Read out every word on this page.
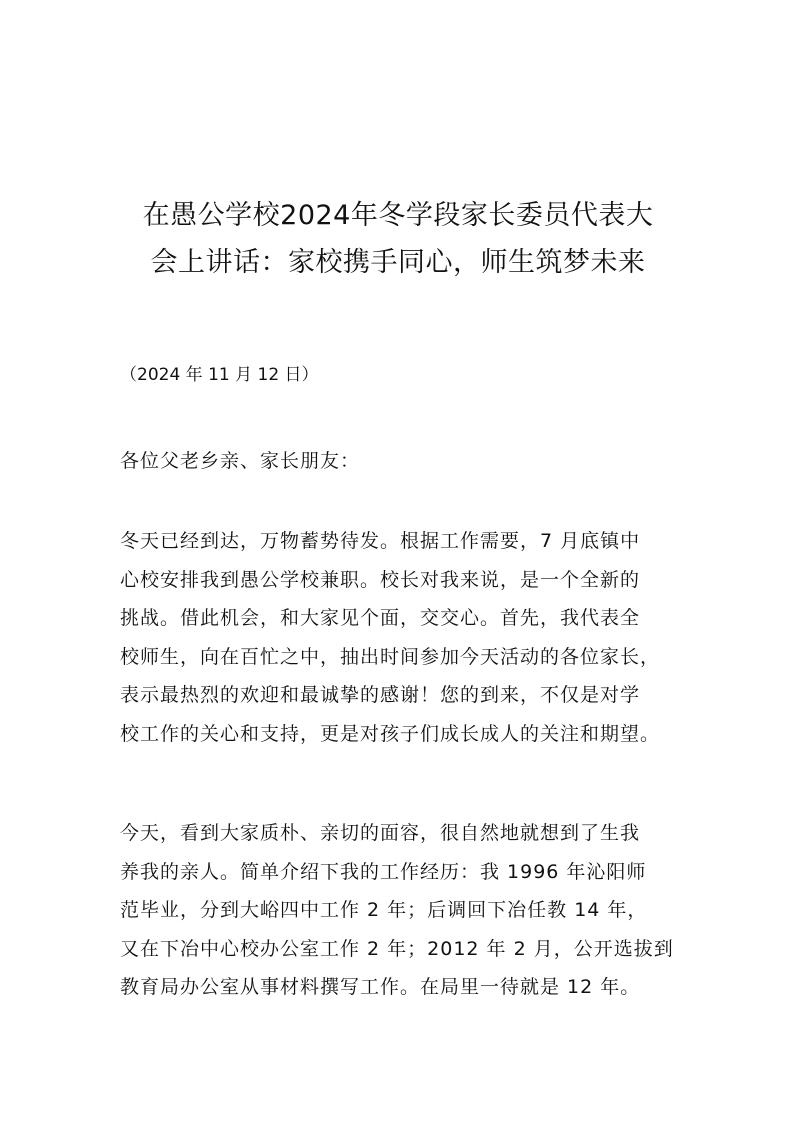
在愚公学校2024年冬学段家长委员代表大
会上讲话：家校携手同心，师生筑梦未来
（2024 年 11 月 12 日）
各位父老乡亲、家长朋友：
冬天已经到达，万物蓄势待发。根据工作需要，7 月底镇中
心校安排我到愚公学校兼职。校长对我来说，是一个全新的
挑战。借此机会，和大家见个面，交交心。首先，我代表全
校师生，向在百忙之中，抽出时间参加今天活动的各位家长，
表示最热烈的欢迎和最诚挚的感谢！您的到来，不仅是对学
校工作的关心和支持，更是对孩子们成长成人的关注和期望。
今天，看到大家质朴、亲切的面容，很自然地就想到了生我
养我的亲人。简单介绍下我的工作经历：我 1996 年沁阳师
范毕业，分到大峪四中工作 2 年；后调回下冶任教 14 年，
又在下冶中心校办公室工作 2 年；2012 年 2 月，公开选拔到
教育局办公室从事材料撰写工作。在局里一待就是 12 年。
